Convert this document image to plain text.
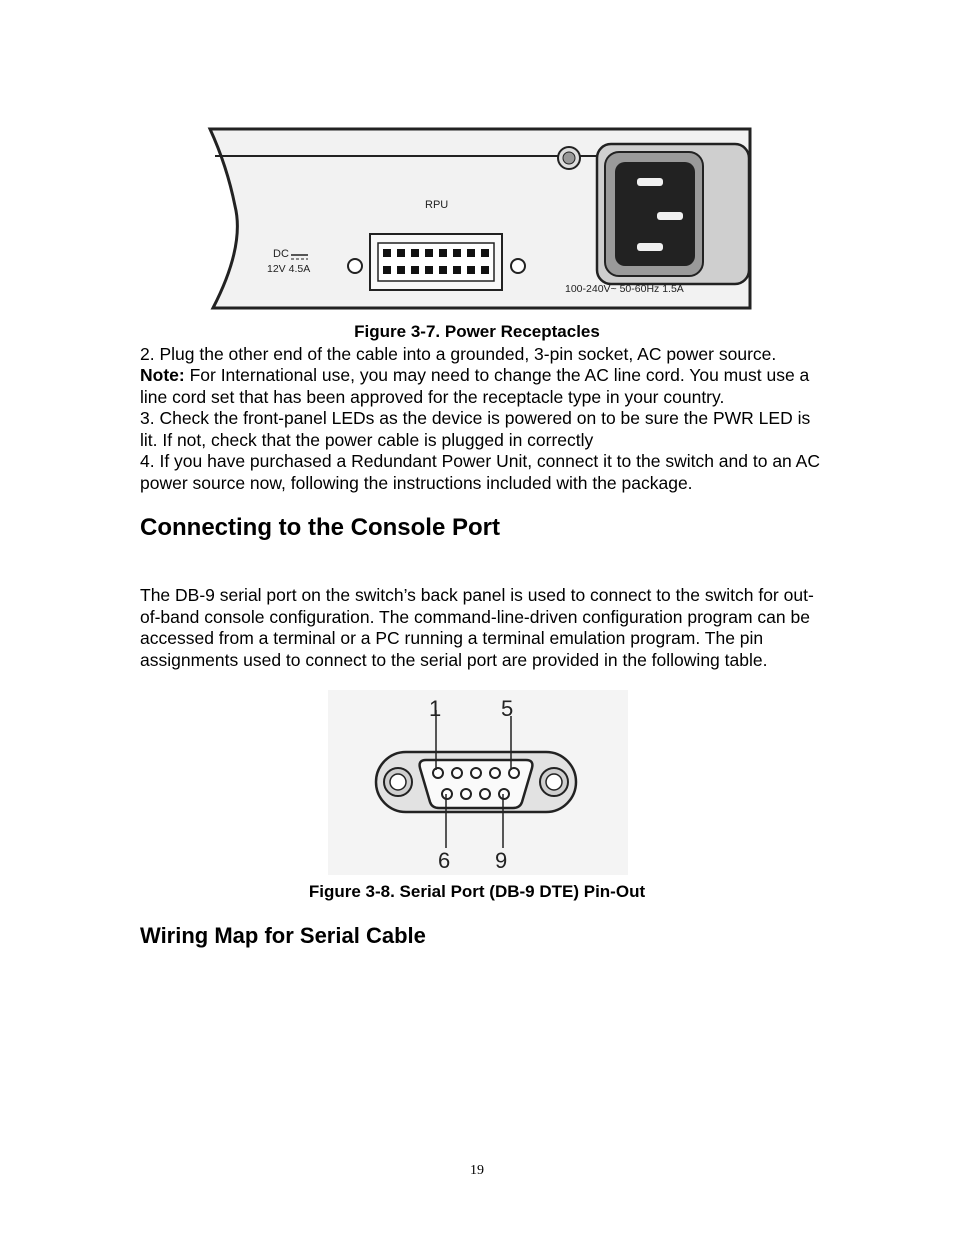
RPU
DC
12V 4.5A
100-240V~ 50-60Hz 1.5A
Figure 3-7. Power Receptacles

2. Plug the other end of the cable into a grounded, 3-pin socket, AC power source.

Note: For International use, you may need to change the AC line cord. You must use a line cord set that has been approved for the receptacle type in your country.

3. Check the front-panel LEDs as the device is powered on to be sure the PWR LED is lit. If not, check that the power cable is plugged in correctly

4. If you have purchased a Redundant Power Unit, connect it to the switch and to an AC power source now, following the instructions included with the package.

Connecting to the Console Port

The DB-9 serial port on the switch’s back panel is used to connect to the switch for out-of-band console configuration. The command-line-driven configuration program can be accessed from a terminal or a PC running a terminal emulation program. The pin assignments used to connect to the serial port are provided in the following table.

1	5
6 9
Figure 3-8. Serial Port (DB-9 DTE) Pin-Out
Wiring Map for Serial Cable
19
